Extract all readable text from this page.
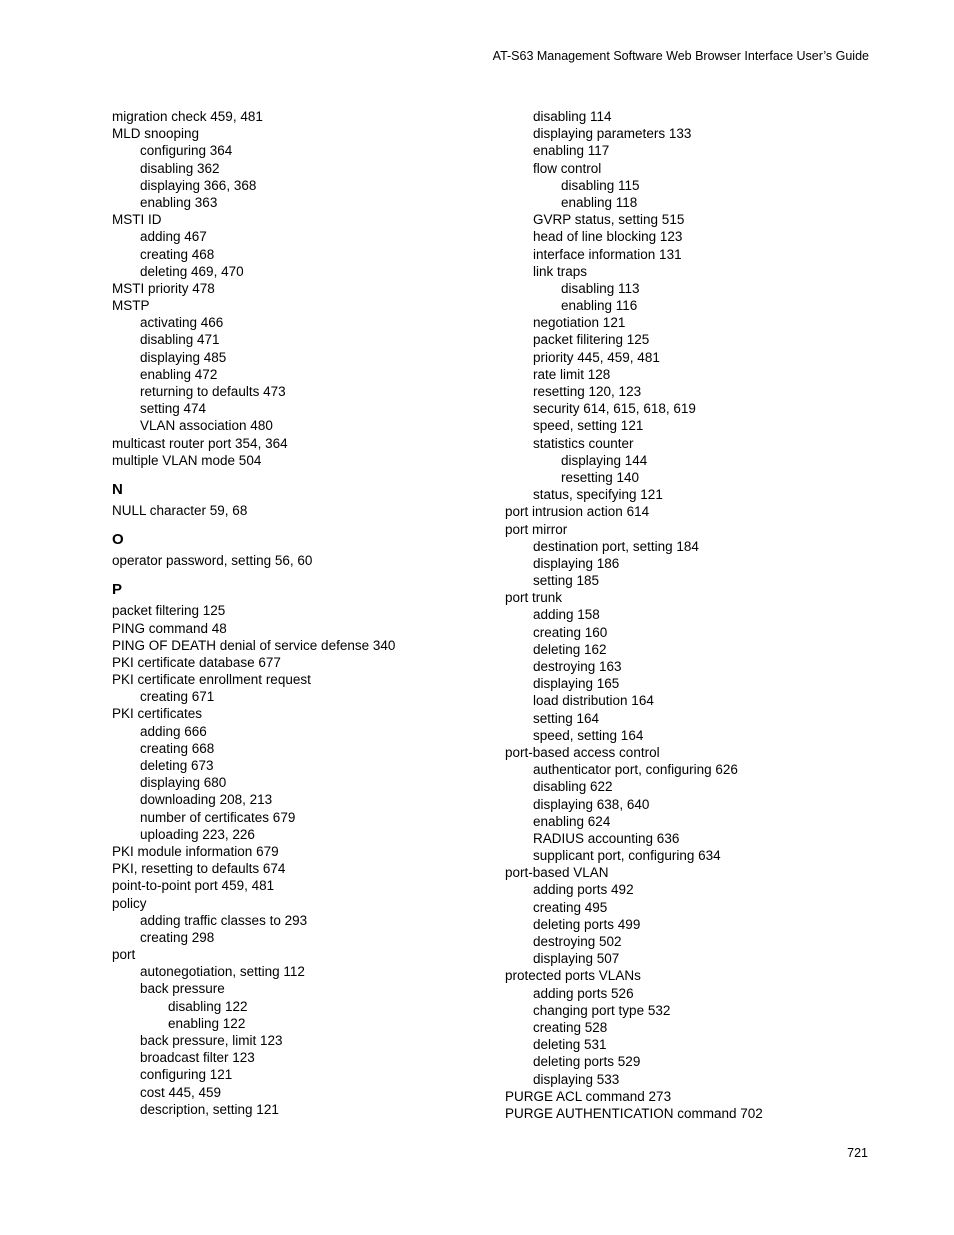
AT-S63 Management Software Web Browser Interface User’s Guide
migration check 459, 481
MLD snooping
configuring 364
disabling 362
displaying 366, 368
enabling 363
MSTI ID
adding 467
creating 468
deleting 469, 470
MSTI priority 478
MSTP
activating 466
disabling 471
displaying 485
enabling 472
returning to defaults 473
setting 474
VLAN association 480
multicast router port 354, 364
multiple VLAN mode 504
N
NULL character 59, 68
O
operator password, setting 56, 60
P
packet filtering 125
PING command 48
PING OF DEATH denial of service defense 340
PKI certificate database 677
PKI certificate enrollment request
creating 671
PKI certificates
adding 666
creating 668
deleting 673
displaying 680
downloading 208, 213
number of certificates 679
uploading 223, 226
PKI module information 679
PKI, resetting to defaults 674
point-to-point port 459, 481
policy
adding traffic classes to 293
creating 298
port
autonegotiation, setting 112
back pressure
disabling 122
enabling 122
back pressure, limit 123
broadcast filter 123
configuring 121
cost 445, 459
description, setting 121
disabling 114
displaying parameters 133
enabling 117
flow control
disabling 115
enabling 118
GVRP status, setting 515
head of line blocking 123
interface information 131
link traps
disabling 113
enabling 116
negotiation 121
packet filitering 125
priority 445, 459, 481
rate limit 128
resetting 120, 123
security 614, 615, 618, 619
speed, setting 121
statistics counter
displaying 144
resetting 140
status, specifying 121
port intrusion action 614
port mirror
destination port, setting 184
displaying 186
setting 185
port trunk
adding 158
creating 160
deleting 162
destroying 163
displaying 165
load distribution 164
setting 164
speed, setting 164
port-based access control
authenticator port, configuring 626
disabling 622
displaying 638, 640
enabling 624
RADIUS accounting 636
supplicant port, configuring 634
port-based VLAN
adding ports 492
creating 495
deleting ports 499
destroying 502
displaying 507
protected ports VLANs
adding ports 526
changing port type 532
creating 528
deleting 531
deleting ports 529
displaying 533
PURGE ACL command 273
PURGE AUTHENTICATION command 702
721
